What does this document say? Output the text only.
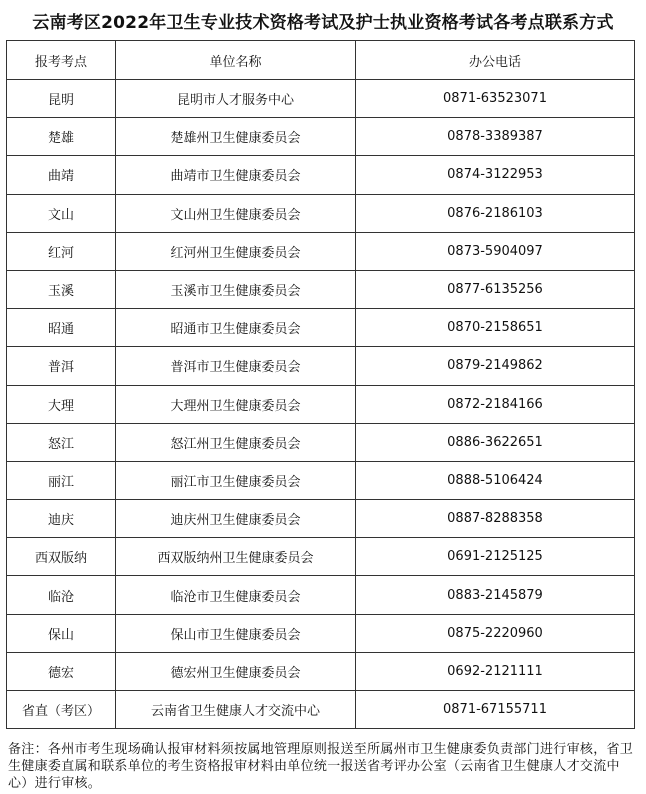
云南考区2022年卫生专业技术资格考试及护士执业资格考试各考点联系方式
报考考点	单位名称	办公电话
昆明	昆明市人才服务中心	0871-63523071
楚雄	楚雄州卫生健康委员会	0878-3389387
曲靖	曲靖市卫生健康委员会	0874-3122953
文山	文山州卫生健康委员会	0876-2186103
红河	红河州卫生健康委员会	0873-5904097
玉溪	玉溪市卫生健康委员会	0877-6135256
昭通	昭通市卫生健康委员会	0870-2158651
普洱	普洱市卫生健康委员会	0879-2149862
大理	大理州卫生健康委员会	0872-2184166
怒江	怒江州卫生健康委员会	0886-3622651
丽江	丽江市卫生健康委员会	0888-5106424
迪庆	迪庆州卫生健康委员会	0887-8288358
西双版纳	西双版纳州卫生健康委员会	0691-2125125
临沧	临沧市卫生健康委员会	0883-2145879
保山	保山市卫生健康委员会	0875-2220960
德宏	德宏州卫生健康委员会	0692-2121111
省直（考区）	云南省卫生健康人才交流中心	0871-67155711
备注：各州市考生现场确认报审材料须按属地管理原则报送至所属州市卫生健康委负责部门进行审核，省卫生健康委直属和联系单位的考生资格报审材料由单位统一报送省考评办公室（云南省卫生健康人才交流中心）进行审核。
